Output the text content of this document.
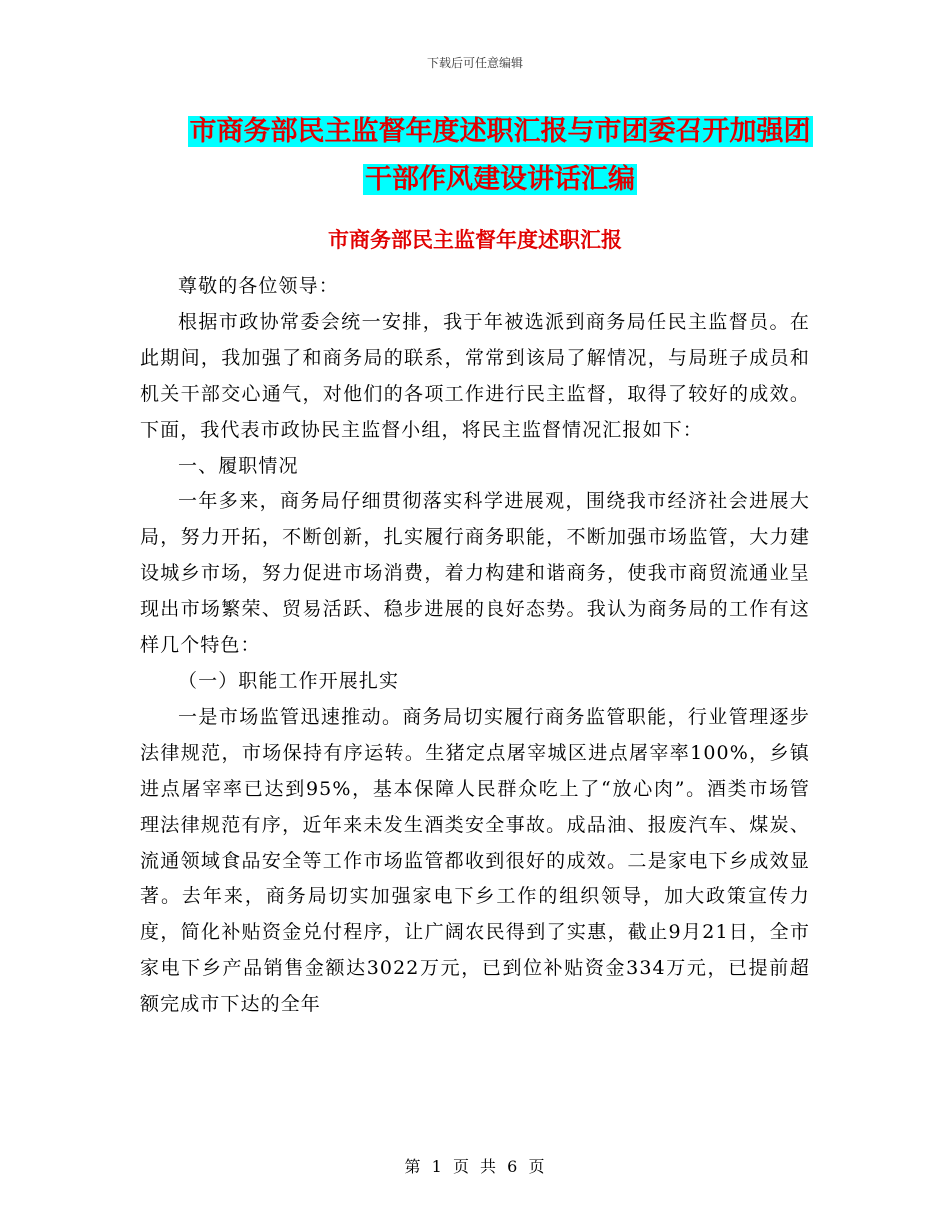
下载后可任意编辑
市商务部民主监督年度述职汇报与市团委召开加强团
干部作风建设讲话汇编
市商务部民主监督年度述职汇报

尊敬的各位领导：

根据市政协常委会统一安排，我于年被选派到商务局任民主监督员。在此期间，我加强了和商务局的联系，常常到该局了解情况，与局班子成员和机关干部交心通气，对他们的各项工作进行民主监督，取得了较好的成效。下面，我代表市政协民主监督小组，将民主监督情况汇报如下：

一、履职情况

一年多来，商务局仔细贯彻落实科学进展观，围绕我市经济社会进展大局，努力开拓，不断创新，扎实履行商务职能，不断加强市场监管，大力建设城乡市场，努力促进市场消费，着力构建和谐商务，使我市商贸流通业呈现出市场繁荣、贸易活跃、稳步进展的良好态势。我认为商务局的工作有这样几个特色：

（一）职能工作开展扎实

一是市场监管迅速推动。商务局切实履行商务监管职能，行业管理逐步法律规范，市场保持有序运转。生猪定点屠宰城区进点屠宰率100%，乡镇进点屠宰率已达到95%，基本保障人民群众吃上了“放心肉”。酒类市场管理法律规范有序，近年来未发生酒类安全事故。成品油、报废汽车、煤炭、流通领域食品安全等工作市场监管都收到很好的成效。二是家电下乡成效显著。去年来，商务局切实加强家电下乡工作的组织领导，加大政策宣传力度，简化补贴资金兑付程序，让广阔农民得到了实惠，截止9月21日，全市家电下乡产品销售金额达3022万元，已到位补贴资金334万元，已提前超额完成市下达的全年

第 1 页 共 6 页
